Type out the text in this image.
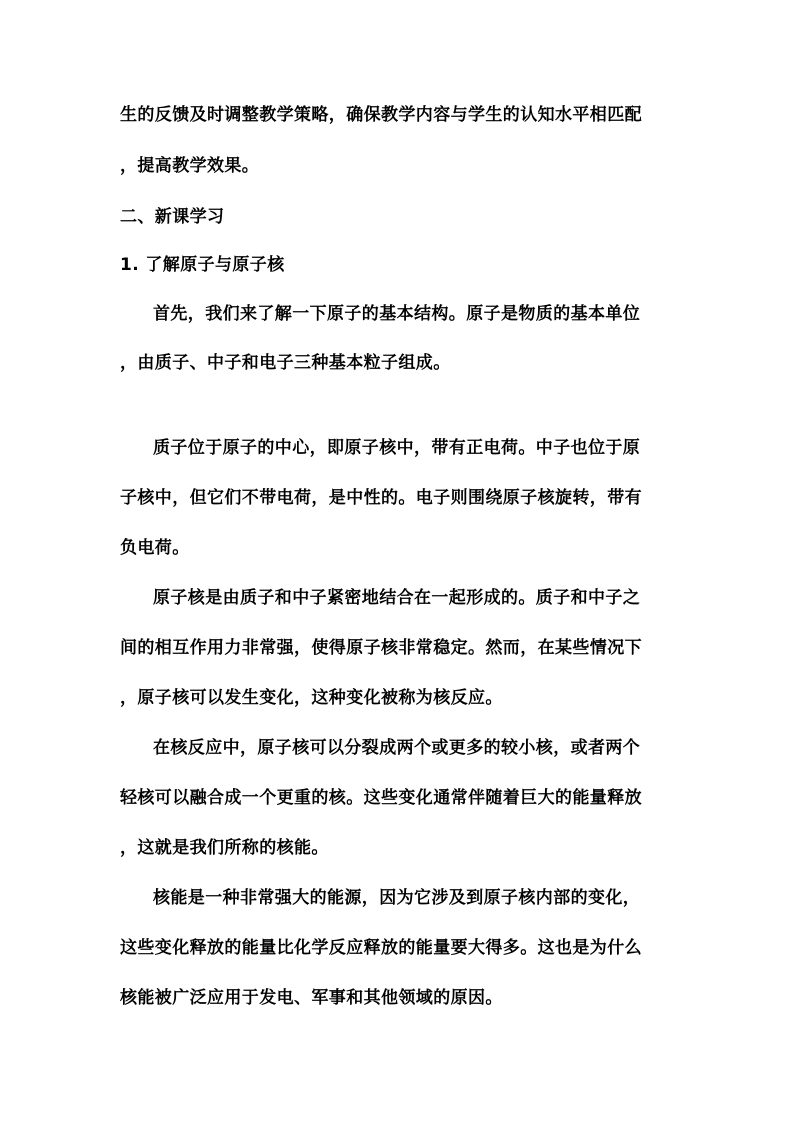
生的反馈及时调整教学策略，确保教学内容与学生的认知水平相匹配
，提高教学效果。
二、新课学习
1. 了解原子与原子核
首先，我们来了解一下原子的基本结构。原子是物质的基本单位
，由质子、中子和电子三种基本粒子组成。
质子位于原子的中心，即原子核中，带有正电荷。中子也位于原
子核中，但它们不带电荷，是中性的。电子则围绕原子核旋转，带有
负电荷。
原子核是由质子和中子紧密地结合在一起形成的。质子和中子之
间的相互作用力非常强，使得原子核非常稳定。然而，在某些情况下
，原子核可以发生变化，这种变化被称为核反应。
在核反应中，原子核可以分裂成两个或更多的较小核，或者两个
轻核可以融合成一个更重的核。这些变化通常伴随着巨大的能量释放
，这就是我们所称的核能。
核能是一种非常强大的能源，因为它涉及到原子核内部的变化，
这些变化释放的能量比化学反应释放的能量要大得多。这也是为什么
核能被广泛应用于发电、军事和其他领域的原因。
